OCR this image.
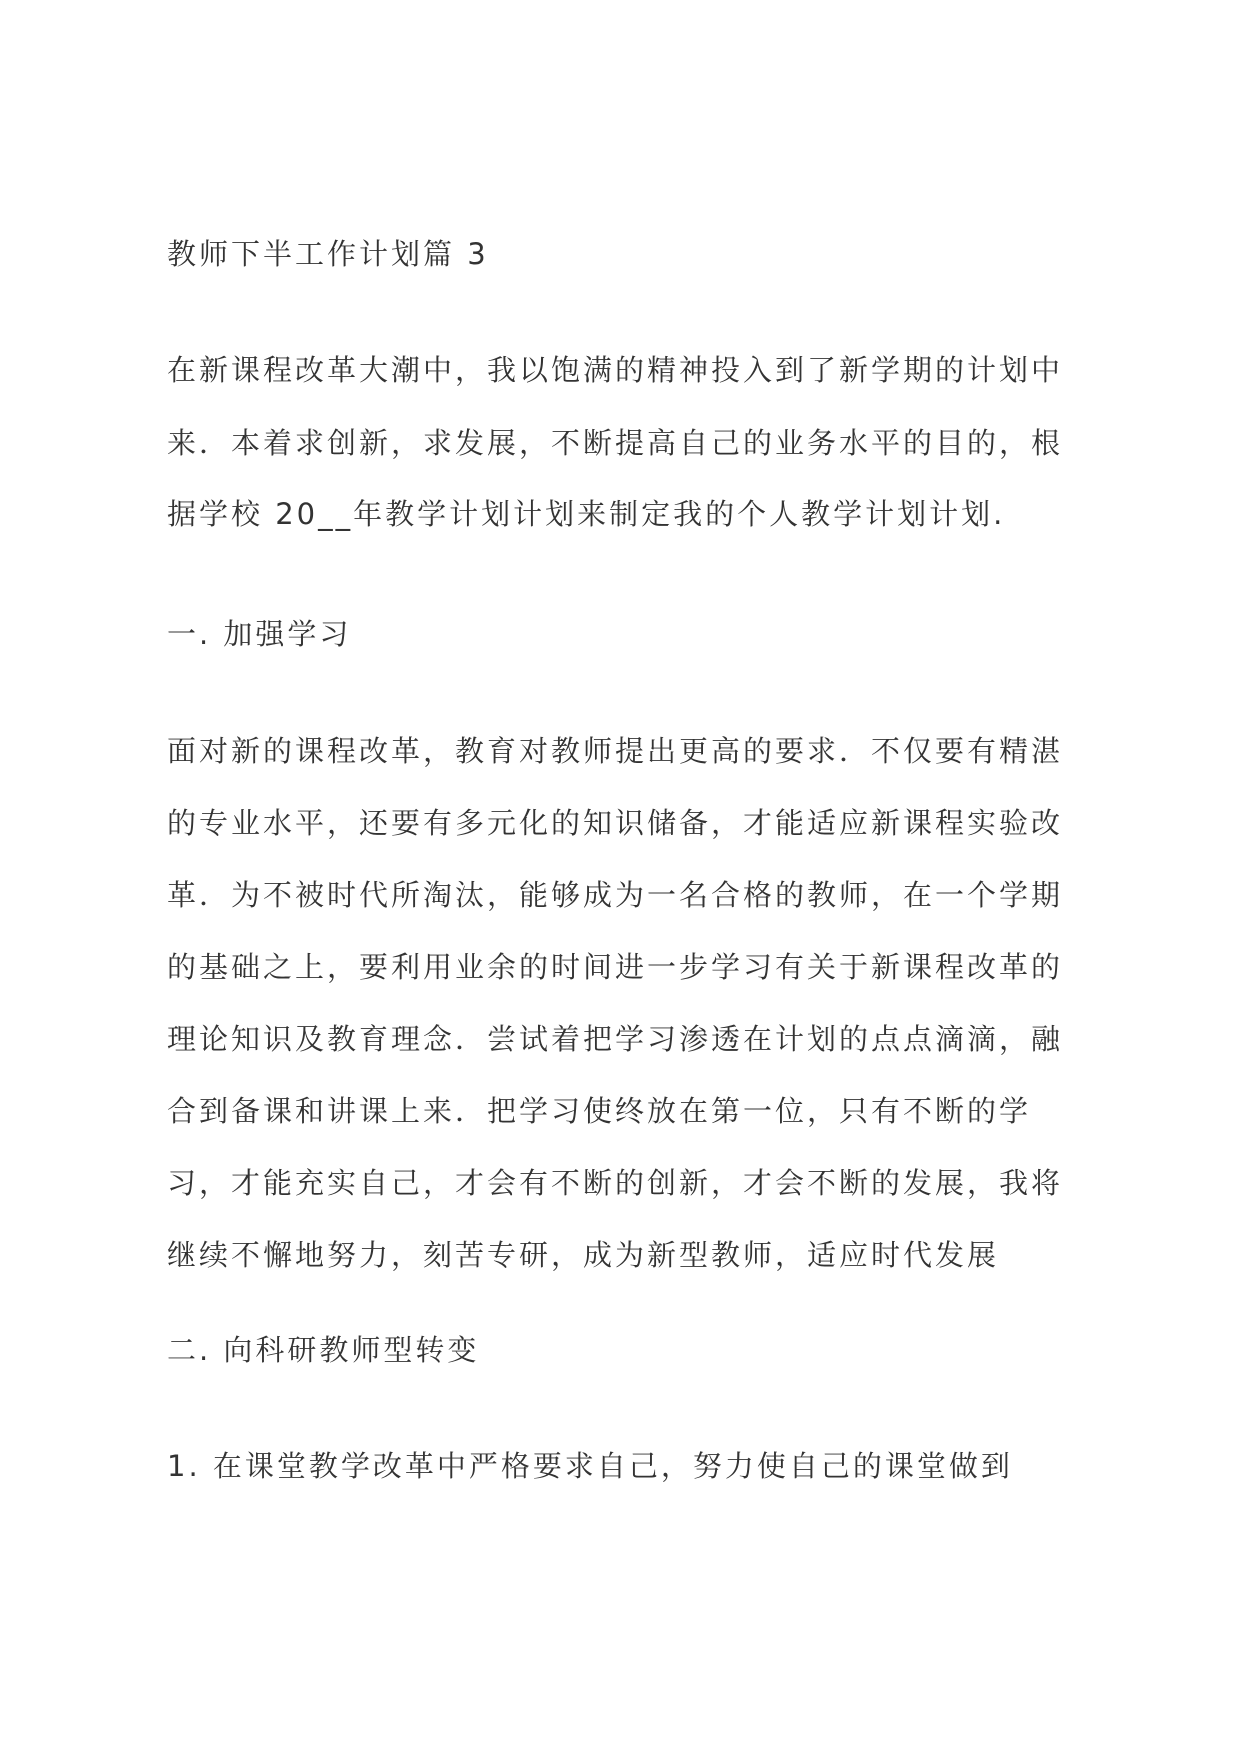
教师下半工作计划篇 3

在新课程改革大潮中，我以饱满的精神投入到了新学期的计划中
来．本着求创新，求发展，不断提高自己的业务水平的目的，根
据学校 20__年教学计划计划来制定我的个人教学计划计划.

一. 加强学习

面对新的课程改革，教育对教师提出更高的要求．不仅要有精湛
的专业水平，还要有多元化的知识储备，才能适应新课程实验改
革．为不被时代所淘汰，能够成为一名合格的教师，在一个学期
的基础之上，要利用业余的时间进一步学习有关于新课程改革的
理论知识及教育理念．尝试着把学习渗透在计划的点点滴滴，融
合到备课和讲课上来．把学习使终放在第一位，只有不断的学
习，才能充实自己，才会有不断的创新，才会不断的发展，我将
继续不懈地努力，刻苦专研，成为新型教师，适应时代发展

二. 向科研教师型转变

1. 在课堂教学改革中严格要求自己，努力使自己的课堂做到
